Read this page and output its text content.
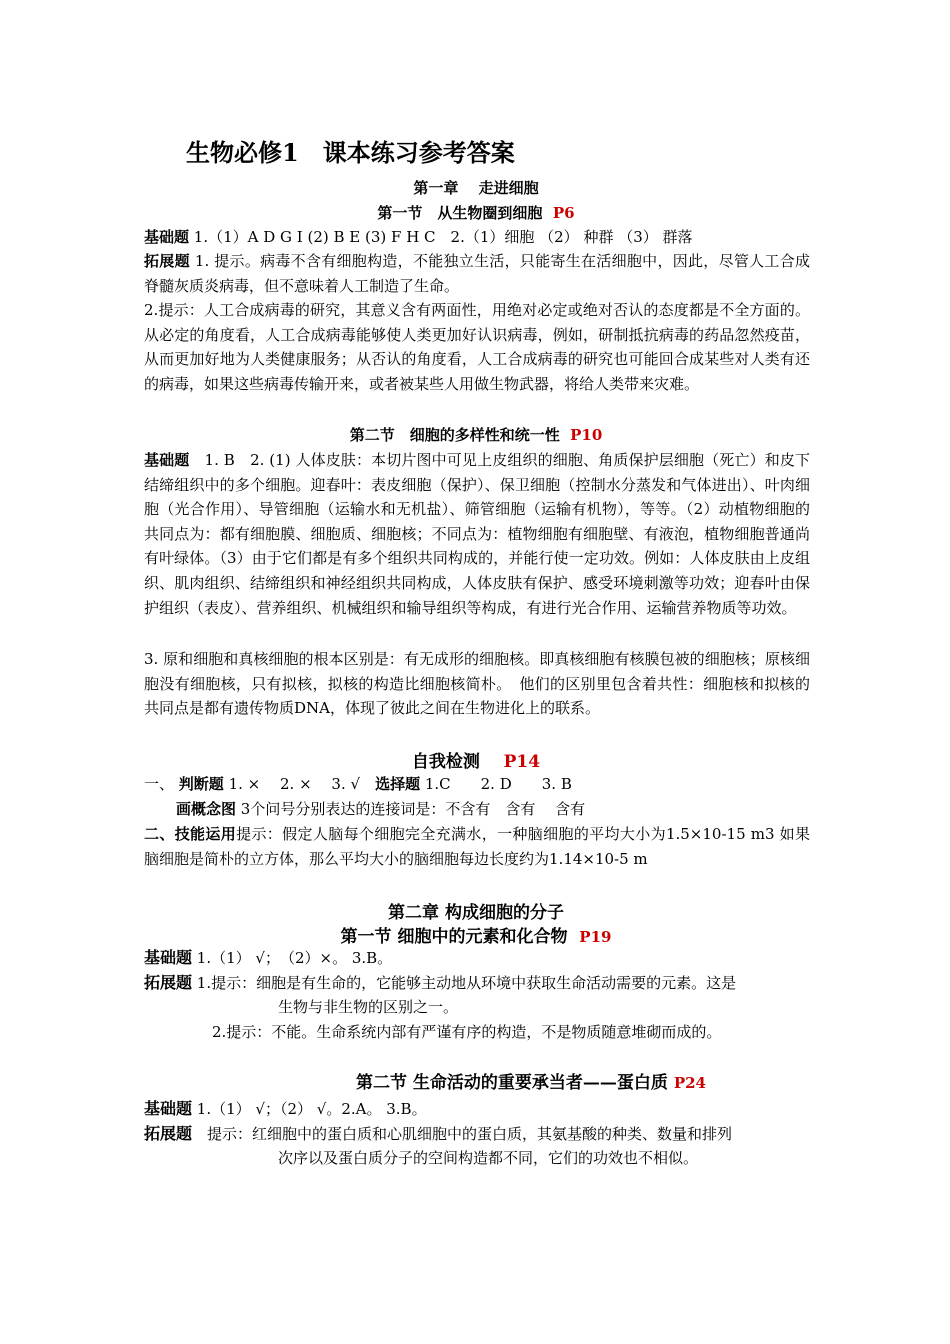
生物必修1　课本练习参考答案
第一章　 走进细胞
第一节　从生物圈到细胞 P6
基础题 1.（1）A D G I (2) B E (3) F H C　2.（1）细胞 （2） 种群 （3） 群落
拓展题 1. 提示。病毒不含有细胞构造，不能独立生活，只能寄生在活细胞中，因此，尽管人工合成脊髓灰质炎病毒，但不意味着人工制造了生命。
2.提示：人工合成病毒的研究，其意义含有两面性，用绝对必定或绝对否认的态度都是不全方面的。从必定的角度看，人工合成病毒能够使人类更加好认识病毒，例如，研制抵抗病毒的药品忽然疫苗，从而更加好地为人类健康服务；从否认的角度看，人工合成病毒的研究也可能回合成某些对人类有还的病毒，如果这些病毒传输开来，或者被某些人用做生物武器，将给人类带来灾难。
第二节　细胞的多样性和统一性 P10
基础题　1. B　2. (1) 人体皮肤：本切片图中可见上皮组织的细胞、角质保护层细胞（死亡）和皮下结缔组织中的多个细胞。迎春叶：表皮细胞（保护）、保卫细胞（控制水分蒸发和气体进出）、叶肉细胞（光合作用）、导管细胞（运输水和无机盐）、筛管细胞（运输有机物），等等。（2）动植物细胞的共同点为：都有细胞膜、细胞质、细胞核；不同点为：植物细胞有细胞壁、有液泡，植物细胞普通尚有叶绿体。（3）由于它们都是有多个组织共同构成的，并能行使一定功效。例如：人体皮肤由上皮组织、肌肉组织、结缔组织和神经组织共同构成，人体皮肤有保护、感受环境刺激等功效；迎春叶由保护组织（表皮）、营养组织、机械组织和输导组织等构成，有进行光合作用、运输营养物质等功效。
3. 原和细胞和真核细胞的根本区别是：有无成形的细胞核。即真核细胞有核膜包被的细胞核；原核细胞没有细胞核，只有拟核，拟核的构造比细胞核简朴。　他们的区别里包含着共性：细胞核和拟核的共同点是都有遗传物质DNA，体现了彼此之间在生物进化上的联系。
自我检测 P14
一、 判断题 1. ×　 2. ×　 3. √　选择题 1.C　　2. D　　3. B
画概念图 3个问号分别表达的连接词是：不含有　含有　 含有
二、技能运用提示：假定人脑每个细胞完全充满水，一种脑细胞的平均大小为1.5×10-15 m3 如果脑细胞是简朴的立方体，那么平均大小的脑细胞每边长度约为1.14×10-5 m
第二章 构成细胞的分子
第一节 细胞中的元素和化合物 P19
基础题 1.（1） √；　（2）×。 3.B。
拓展题 1.提示：细胞是有生命的，它能够主动地从环境中获取生命活动需要的元素。这是
生物与非生物的区别之一。
2.提示：不能。生命系统内部有严谨有序的构造，不是物质随意堆砌而成的。
第二节 生命活动的重要承当者——蛋白质 P24
基础题 1.（1） √；（2） √。2.A。 3.B。
拓展题　提示：红细胞中的蛋白质和心肌细胞中的蛋白质，其氨基酸的种类、数量和排列
次序以及蛋白质分子的空间构造都不同，它们的功效也不相似。
